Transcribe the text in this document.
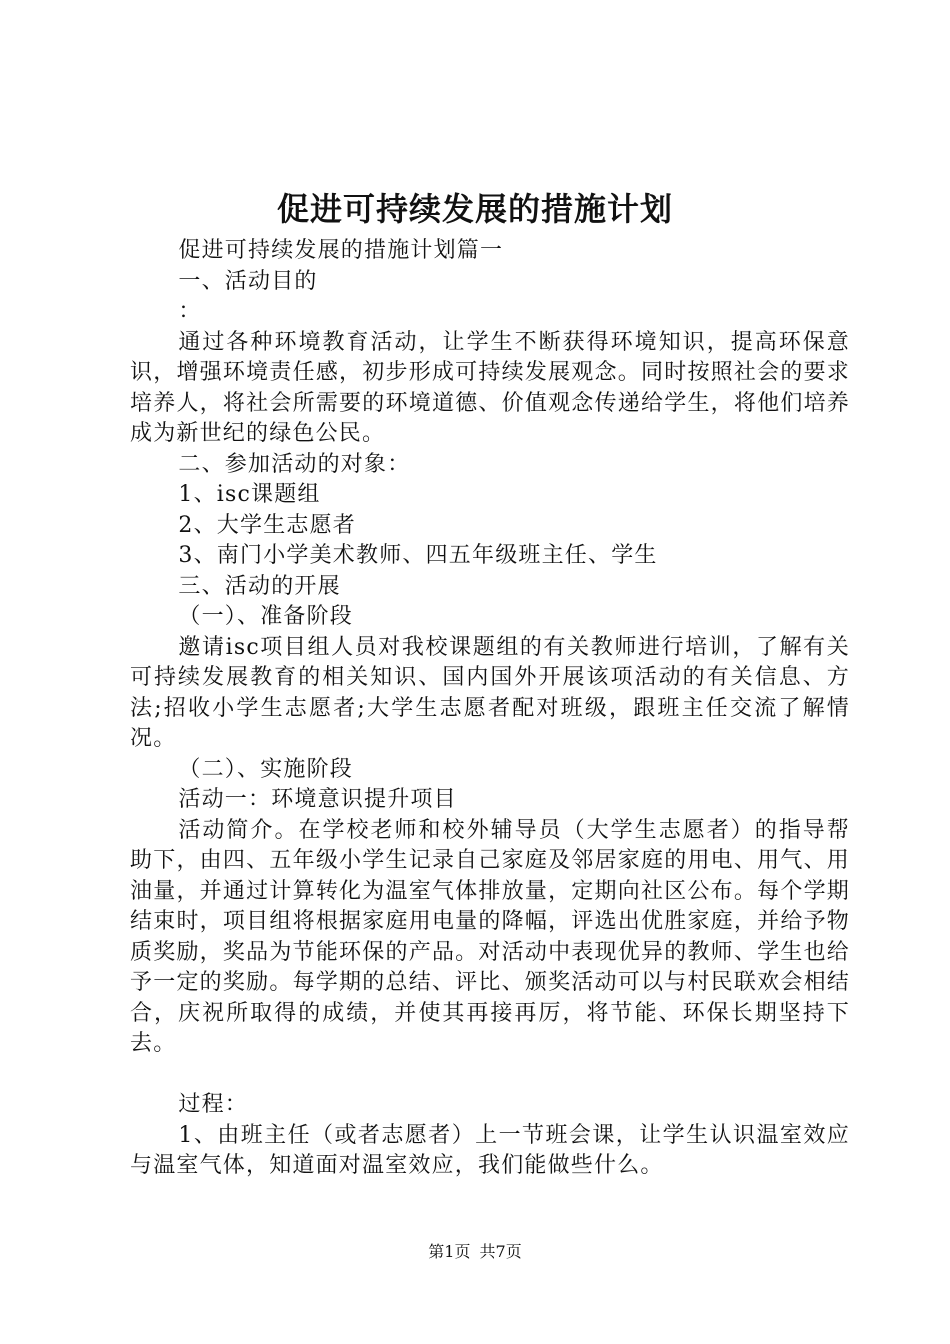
促进可持续发展的措施计划

促进可持续发展的措施计划篇一

一、活动目的

：

通过各种环境教育活动，让学生不断获得环境知识，提高环保意识，增强环境责任感，初步形成可持续发展观念。同时按照社会的要求培养人，将社会所需要的环境道德、价值观念传递给学生，将他们培养成为新世纪的绿色公民。

二、参加活动的对象：

1、isc课题组

2、大学生志愿者

3、南门小学美术教师、四五年级班主任、学生

三、活动的开展

（一）、准备阶段

邀请isc项目组人员对我校课题组的有关教师进行培训，了解有关可持续发展教育的相关知识、国内国外开展该项活动的有关信息、方法;招收小学生志愿者;大学生志愿者配对班级，跟班主任交流了解情况。

（二）、实施阶段

活动一：环境意识提升项目

活动简介。在学校老师和校外辅导员（大学生志愿者）的指导帮助下，由四、五年级小学生记录自己家庭及邻居家庭的用电、用气、用油量，并通过计算转化为温室气体排放量，定期向社区公布。每个学期结束时，项目组将根据家庭用电量的降幅，评选出优胜家庭，并给予物质奖励，奖品为节能环保的产品。对活动中表现优异的教师、学生也给予一定的奖励。每学期的总结、评比、颁奖活动可以与村民联欢会相结合，庆祝所取得的成绩，并使其再接再厉，将节能、环保长期坚持下去。

过程：

1、由班主任（或者志愿者）上一节班会课，让学生认识温室效应与温室气体，知道面对温室效应，我们能做些什么。

第1页 共7页
